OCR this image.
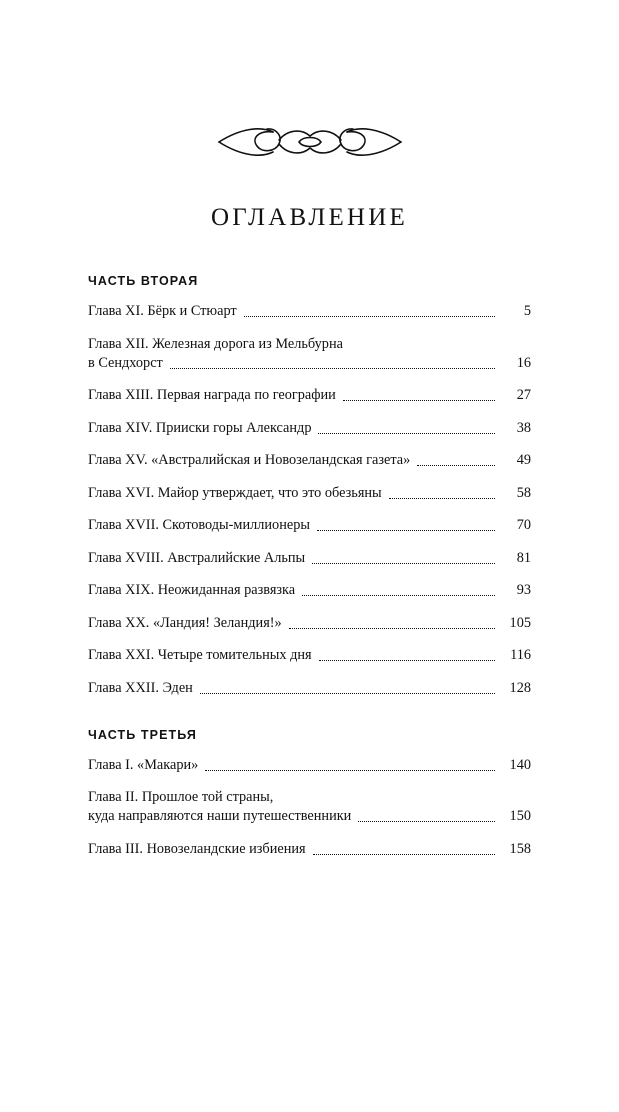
ОГЛАВЛЕНИЕ
ЧАСТЬ ВТОРАЯ
Глава XI. Бёрк и Стюарт	5
Глава XII. Железная дорога из Мельбурна
в Сендхорст	16
Глава XIII. Первая награда по географии	27
Глава XIV. Прииски горы Александр	38
Глава XV. «Австралийская и Новозеландская газета»	49
Глава XVI. Майор утверждает, что это обезьяны	58
Глава XVII. Скотоводы-миллионеры	70
Глава XVIII. Австралийские Альпы	81
Глава XIX. Неожиданная развязка	93
Глава XX. «Ландия! Зеландия!»	105
Глава XXI. Четыре томительных дня	116
Глава XXII. Эден	128
ЧАСТЬ ТРЕТЬЯ
Глава I. «Макари»	140
Глава II. Прошлое той страны,
куда направляются наши путешественники	150
Глава III. Новозеландские избиения	158
